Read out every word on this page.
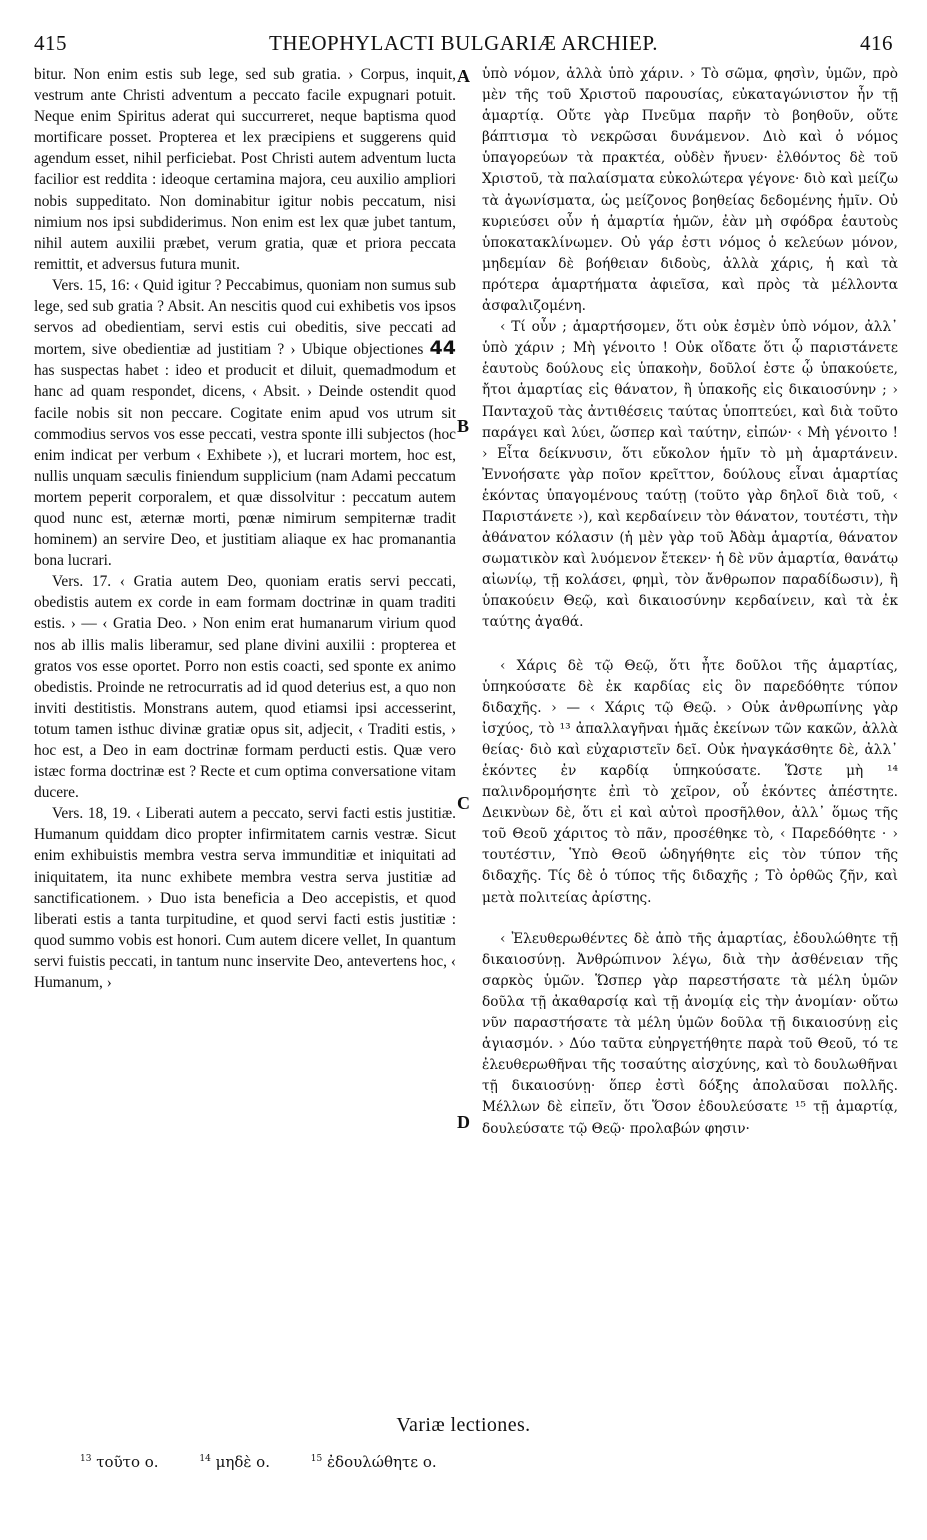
415	THEOPHYLACTI BULGARIÆ ARCHIEP.	416

bitur. Non enim estis sub lege, sed sub gratia. › Corpus, inquit, vestrum ante Christi adventum a peccato facile expugnari potuit. Neque enim Spiritus aderat qui succurreret, neque baptisma quod mortificare posset. Propterea et lex præcipiens et suggerens quid agendum esset, nihil perficiebat. Post Christi autem adventum lucta facilior est reddita : ideoque certamina majora, ceu auxilio ampliori nobis suppeditato. Non dominabitur igitur nobis peccatum, nisi nimium nos ipsi subdiderimus. Non enim est lex quæ jubet tantum, nihil autem auxilii præbet, verum gratia, quæ et priora peccata remittit, et adversus futura munit.

Vers. 15, 16: ‹ Quid igitur ? Peccabimus, quoniam non sumus sub lege, sed sub gratia ? Absit. An nescitis quod cui exhibetis vos ipsos servos ad obedientiam, servi estis cui obeditis, sive peccati ad mortem, sive obedientiæ ad justitiam ? › Ubique objectiones 44 has suspectas habet : ideo et producit et diluit, quemadmodum et hanc ad quam respondet, dicens, ‹ Absit. › Deinde ostendit quod facile nobis sit non peccare. Cogitate enim apud vos utrum sit commodius servos vos esse peccati, vestra sponte illi subjectos (hoc enim indicat per verbum ‹ Exhibete ›), et lucrari mortem, hoc est, nullis unquam sæculis finiendum supplicium (nam Adami peccatum mortem peperit corporalem, et quæ dissolvitur : peccatum autem quod nunc est, æternæ morti, pœnæ nimirum sempiternæ tradit hominem) an servire Deo, et justitiam aliaque ex hac promanantia bona lucrari.

Vers. 17. ‹ Gratia autem Deo, quoniam eratis servi peccati, obedistis autem ex corde in eam formam doctrinæ in quam traditi estis. › — ‹ Gratia Deo. › Non enim erat humanarum virium quod nos ab illis malis liberamur, sed plane divini auxilii : propterea et gratos vos esse oportet. Porro non estis coacti, sed sponte ex animo obedistis. Proinde ne retrocurratis ad id quod deterius est, a quo non inviti destitistis. Monstrans autem, quod etiamsi ipsi accesserint, totum tamen isthuc divinæ gratiæ opus sit, adjecit, ‹ Traditi estis, › hoc est, a Deo in eam doctrinæ formam perducti estis. Quæ vero istæc forma doctrinæ est ? Recte et cum optima conversatione vitam ducere.

Vers. 18, 19. ‹ Liberati autem a peccato, servi facti estis justitiæ. Humanum quiddam dico propter infirmitatem carnis vestræ. Sicut enim exhibuistis membra vestra serva immunditiæ et iniquitati ad iniquitatem, ita nunc exhibete membra vestra serva justitiæ ad sanctificationem. › Duo ista beneficia a Deo accepistis, et quod liberati estis a tanta turpitudine, et quod servi facti estis justitiæ : quod summo vobis est honori. Cum autem dicere vellet, In quantum servi fuistis peccati, in tantum nunc inservite Deo, antevertens hoc, ‹ Humanum, ›

A
B
C
D

ὑπὸ νόμον, ἀλλὰ ὑπὸ χάριν. › Τὸ σῶμα, φησὶν, ὑμῶν, πρὸ μὲν τῆς τοῦ Χριστοῦ παρουσίας, εὐκαταγώνιστον ἦν τῇ ἁμαρτίᾳ. Οὔτε γὰρ Πνεῦμα παρῆν τὸ βοηθοῦν, οὔτε βάπτισμα τὸ νεκρῶσαι δυνάμενον. Διὸ καὶ ὁ νόμος ὑπαγορεύων τὰ πρακτέα, οὐδὲν ἤνυεν· ἐλθόντος δὲ τοῦ Χριστοῦ, τὰ παλαίσματα εὐκολώτερα γέγονε· διὸ καὶ μείζω τὰ ἀγωνίσματα, ὡς μείζονος βοηθείας δεδομένης ἡμῖν. Οὐ κυριεύσει οὖν ἡ ἁμαρτία ἡμῶν, ἐὰν μὴ σφόδρα ἑαυτοὺς ὑποκατακλίνωμεν. Οὐ γάρ ἐστι νόμος ὁ κελεύων μόνον, μηδεμίαν δὲ βοήθειαν διδοὺς, ἀλλὰ χάρις, ἡ καὶ τὰ πρότερα ἁμαρτήματα ἀφιεῖσα, καὶ πρὸς τὰ μέλλοντα ἀσφαλιζομένη.

‹ Τί οὖν ; ἁμαρτήσομεν, ὅτι οὐκ ἐσμὲν ὑπὸ νόμον, ἀλλ᾽ ὑπὸ χάριν ; Μὴ γένοιτο ! Οὐκ οἴδατε ὅτι ᾧ παριστάνετε ἑαυτοὺς δούλους εἰς ὑπακοὴν, δοῦλοί ἐστε ᾧ ὑπακούετε, ἤτοι ἁμαρτίας εἰς θάνατον, ἢ ὑπακοῆς εἰς δικαιοσύνην ; › Πανταχοῦ τὰς ἀντιθέσεις ταύτας ὑποπτεύει, καὶ διὰ τοῦτο παράγει καὶ λύει, ὥσπερ καὶ ταύτην, εἰπών· ‹ Μὴ γένοιτο ! › Εἶτα δείκνυσιν, ὅτι εὔκολον ἡμῖν τὸ μὴ ἁμαρτάνειν. Ἐννοήσατε γὰρ ποῖον κρεῖττον, δούλους εἶναι ἁμαρτίας ἑκόντας ὑπαγομένους ταύτῃ (τοῦτο γὰρ δηλοῖ διὰ τοῦ, ‹ Παριστάνετε ›), καὶ κερδαίνειν τὸν θάνατον, τουτέστι, τὴν ἀθάνατον κόλασιν (ἡ μὲν γὰρ τοῦ Ἀδὰμ ἁμαρτία, θάνατον σωματικὸν καὶ λυόμενον ἔτεκεν· ἡ δὲ νῦν ἁμαρτία, θανάτῳ αἰωνίῳ, τῇ κολάσει, φημὶ, τὸν ἄνθρωπον παραδίδωσιν), ἢ ὑπακούειν Θεῷ, καὶ δικαιοσύνην κερδαίνειν, καὶ τὰ ἐκ ταύτης ἀγαθά.

‹ Χάρις δὲ τῷ Θεῷ, ὅτι ἦτε δοῦλοι τῆς ἁμαρτίας, ὑπηκούσατε δὲ ἐκ καρδίας εἰς ὃν παρεδόθητε τύπον διδαχῆς. › — ‹ Χάρις τῷ Θεῷ. › Οὐκ ἀνθρωπίνης γὰρ ἰσχύος, τὸ ¹³ ἀπαλλαγῆναι ἡμᾶς ἐκείνων τῶν κακῶν, ἀλλὰ θείας· διὸ καὶ εὐχαριστεῖν δεῖ. Οὐκ ἠναγκάσθητε δὲ, ἀλλ᾽ ἑκόντες ἐν καρδίᾳ ὑπηκούσατε. Ὥστε μὴ ¹⁴ παλινδρομήσητε ἐπὶ τὸ χεῖρον, οὗ ἑκόντες ἀπέστητε. Δεικνὺων δὲ, ὅτι εἰ καὶ αὐτοὶ προσῆλθον, ἀλλ᾽ ὅμως τῆς τοῦ Θεοῦ χάριτος τὸ πᾶν, προσέθηκε τὸ, ‹ Παρεδόθητε · › τουτέστιν, Ὑπὸ Θεοῦ ὡδηγήθητε εἰς τὸν τύπον τῆς διδαχῆς. Τίς δὲ ὁ τύπος τῆς διδαχῆς ; Τὸ ὀρθῶς ζῆν, καὶ μετὰ πολιτείας ἀρίστης.

‹ Ἐλευθερωθέντες δὲ ἀπὸ τῆς ἁμαρτίας, ἐδουλώθητε τῇ δικαιοσύνῃ. Ἀνθρώπινον λέγω, διὰ τὴν ἀσθένειαν τῆς σαρκὸς ὑμῶν. Ὥσπερ γὰρ παρεστήσατε τὰ μέλη ὑμῶν δοῦλα τῇ ἀκαθαρσίᾳ καὶ τῇ ἀνομίᾳ εἰς τὴν ἀνομίαν· οὕτω νῦν παραστήσατε τὰ μέλη ὑμῶν δοῦλα τῇ δικαιοσύνῃ εἰς ἁγιασμόν. › Δύο ταῦτα εὐηργετήθητε παρὰ τοῦ Θεοῦ, τό τε ἐλευθερωθῆναι τῆς τοσαύτης αἰσχύνης, καὶ τὸ δουλωθῆναι τῇ δικαιοσύνῃ· ὅπερ ἐστὶ δόξης ἀπολαῦσαι πολλῆς. Μέλλων δὲ εἰπεῖν, ὅτι Ὅσον ἐδουλεύσατε ¹⁵ τῇ ἁμαρτίᾳ, δουλεύσατε τῷ Θεῷ· προλαβών φησιν·

Variæ lectiones.
$^{13}$ τοῦτο ο.	$^{14}$ μηδὲ ο.	$^{15}$ ἐδουλώθητε ο.
